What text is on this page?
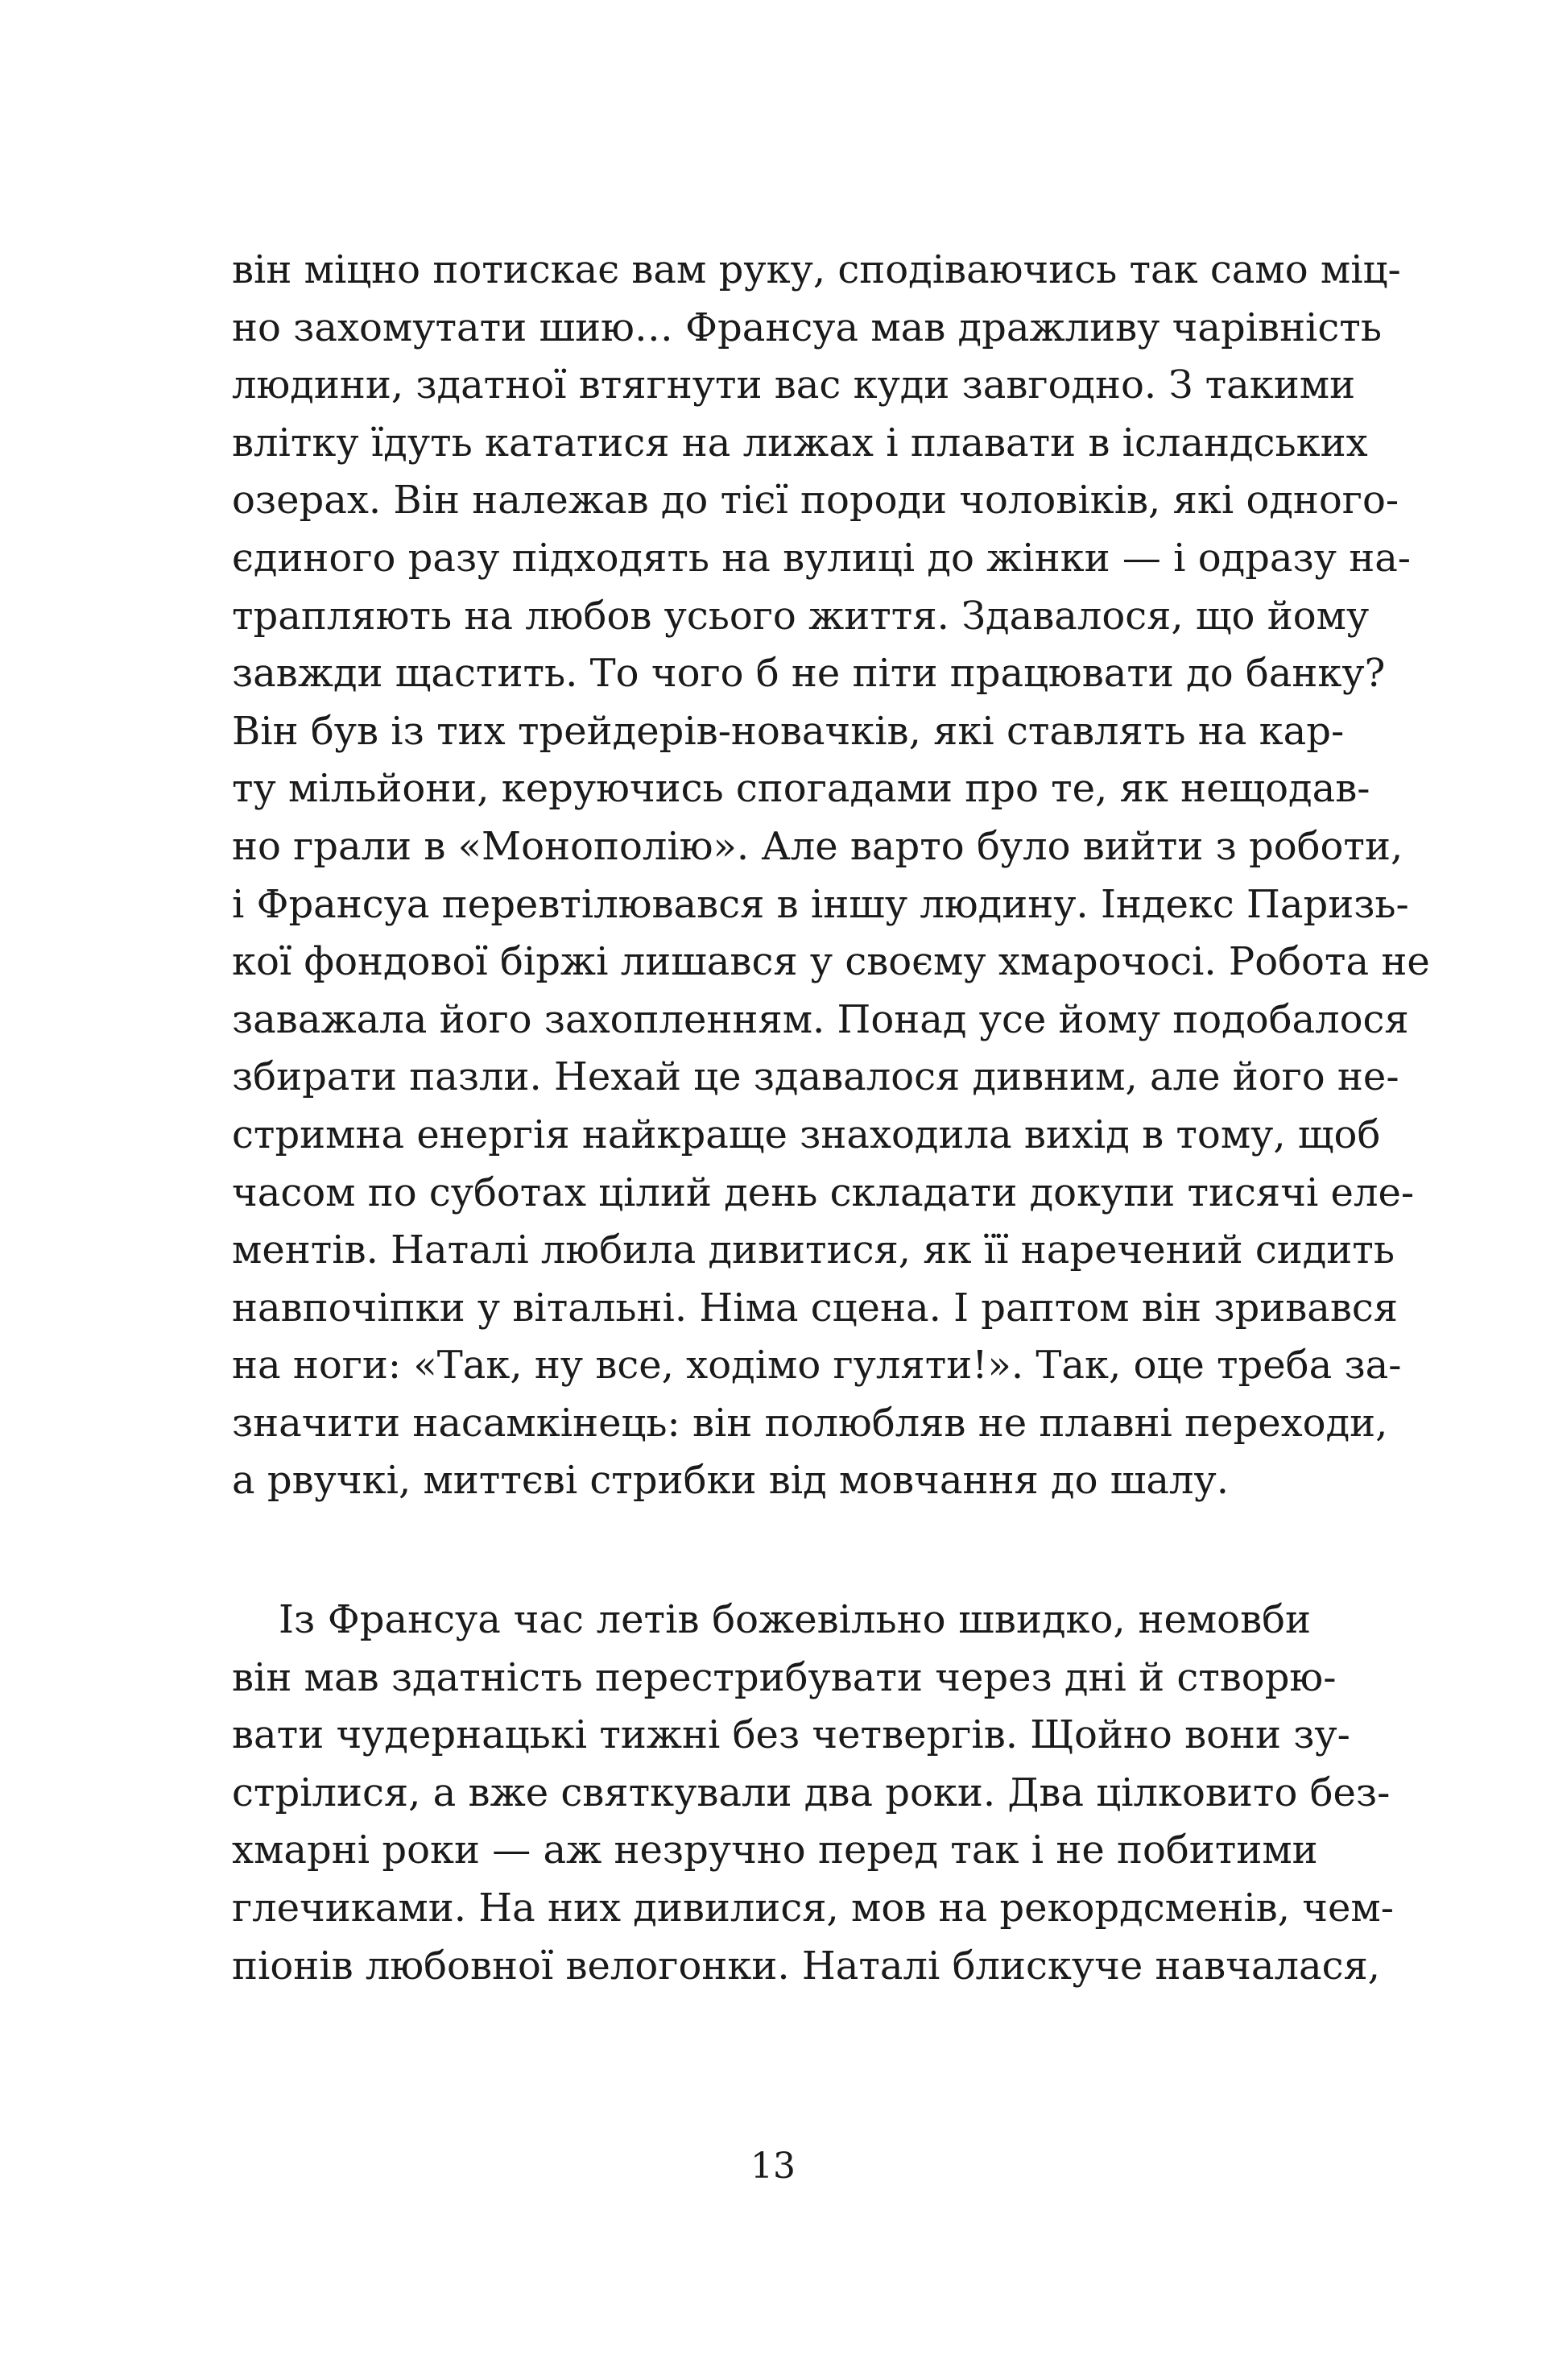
він міцно потискає вам руку, сподіваючись так само міц-
но захомутати шию… Франсуа мав дражливу чарівність
людини, здатної втягнути вас куди завгодно. З такими
влітку їдуть кататися на лижах і плавати в ісландських
озерах. Він належав до тієї породи чоловіків, які одного-
єдиного разу підходять на вулиці до жінки — і одразу на-
трапляють на любов усього життя. Здавалося, що йому
завжди щастить. То чого б не піти працювати до банку?
Він був із тих трейдерів-новачків, які ставлять на кар-
ту мільйони, керуючись спогадами про те, як нещодав-
но грали в «Монополію». Але варто було вийти з роботи,
і Франсуа перевтілювався в іншу людину. Індекс Паризь-
кої фондової біржі лишався у своєму хмарочосі. Робота не
заважала його захопленням. Понад усе йому подобалося
збирати пазли. Нехай це здавалося дивним, але його не-
стримна енергія найкраще знаходила вихід в тому, щоб
часом по суботах цілий день складати докупи тисячі еле-
ментів. Наталі любила дивитися, як її наречений сидить
навпочіпки у вітальні. Німа сцена. І раптом він зривався
на ноги: «Так, ну все, ходімо гуляти!». Так, оце треба за-
значити насамкінець: він полюбляв не плавні переходи,
а рвучкі, миттєві стрибки від мовчання до шалу.
Із Франсуа час летів божевільно швидко, немовби
він мав здатність перестрибувати через дні й створю-
вати чудернацькі тижні без четвергів. Щойно вони зу-
стрілися, а вже святкували два роки. Два цілковито без-
хмарні роки — аж незручно перед так і не побитими
глечиками. На них дивилися, мов на рекордсменів, чем-
піонів любовної велогонки. Наталі блискуче навчалася,
13
